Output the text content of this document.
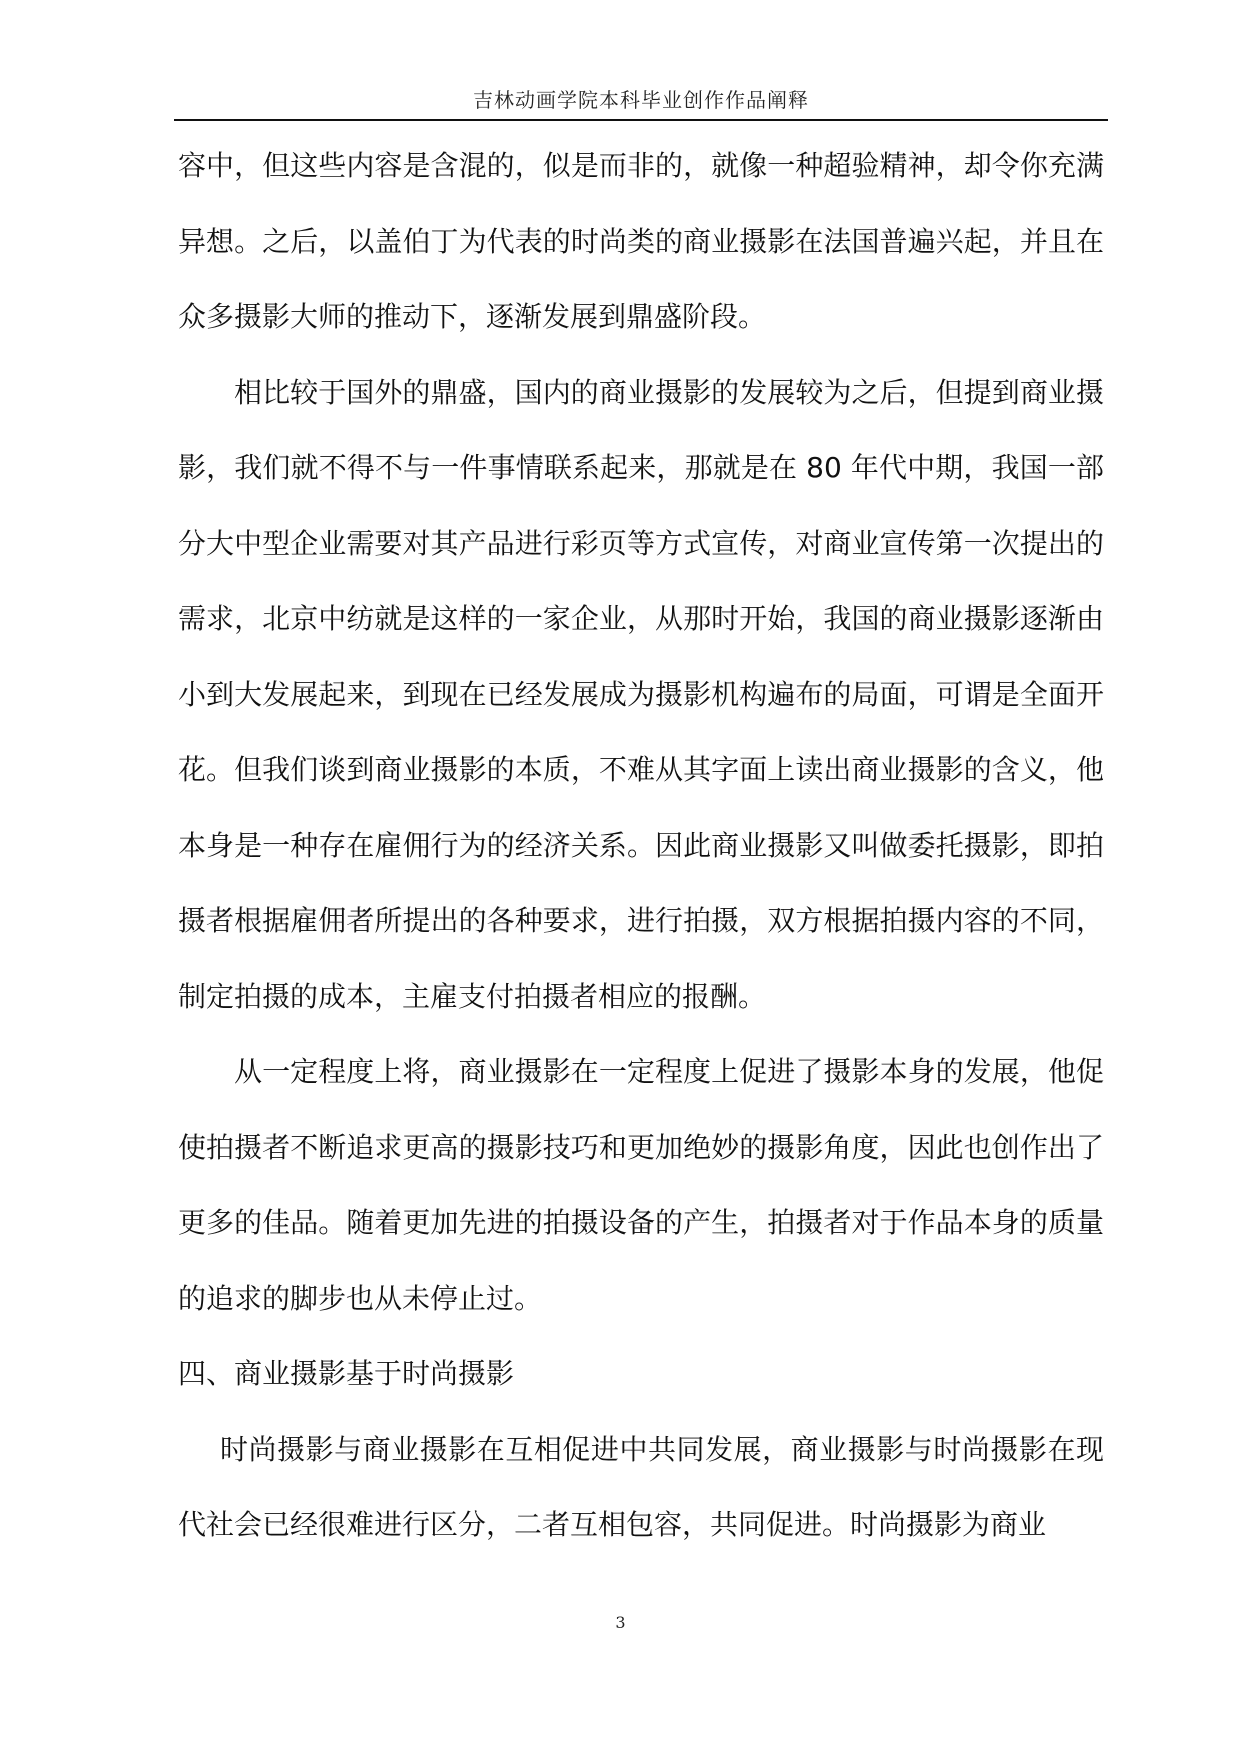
吉林动画学院本科毕业创作作品阐释

容中，但这些内容是含混的，似是而非的，就像一种超验精神，却令你充满异想。之后，以盖伯丁为代表的时尚类的商业摄影在法国普遍兴起，并且在众多摄影大师的推动下，逐渐发展到鼎盛阶段。

相比较于国外的鼎盛，国内的商业摄影的发展较为之后，但提到商业摄影，我们就不得不与一件事情联系起来，那就是在 80 年代中期，我国一部分大中型企业需要对其产品进行彩页等方式宣传，对商业宣传第一次提出的需求，北京中纺就是这样的一家企业，从那时开始，我国的商业摄影逐渐由小到大发展起来，到现在已经发展成为摄影机构遍布的局面，可谓是全面开花。但我们谈到商业摄影的本质，不难从其字面上读出商业摄影的含义，他本身是一种存在雇佣行为的经济关系。因此商业摄影又叫做委托摄影，即拍摄者根据雇佣者所提出的各种要求，进行拍摄，双方根据拍摄内容的不同，制定拍摄的成本，主雇支付拍摄者相应的报酬。

从一定程度上将，商业摄影在一定程度上促进了摄影本身的发展，他促使拍摄者不断追求更高的摄影技巧和更加绝妙的摄影角度，因此也创作出了更多的佳品。随着更加先进的拍摄设备的产生，拍摄者对于作品本身的质量的追求的脚步也从未停止过。

四、商业摄影基于时尚摄影

时尚摄影与商业摄影在互相促进中共同发展，商业摄影与时尚摄影在现代社会已经很难进行区分，二者互相包容，共同促进。时尚摄影为商业

3
